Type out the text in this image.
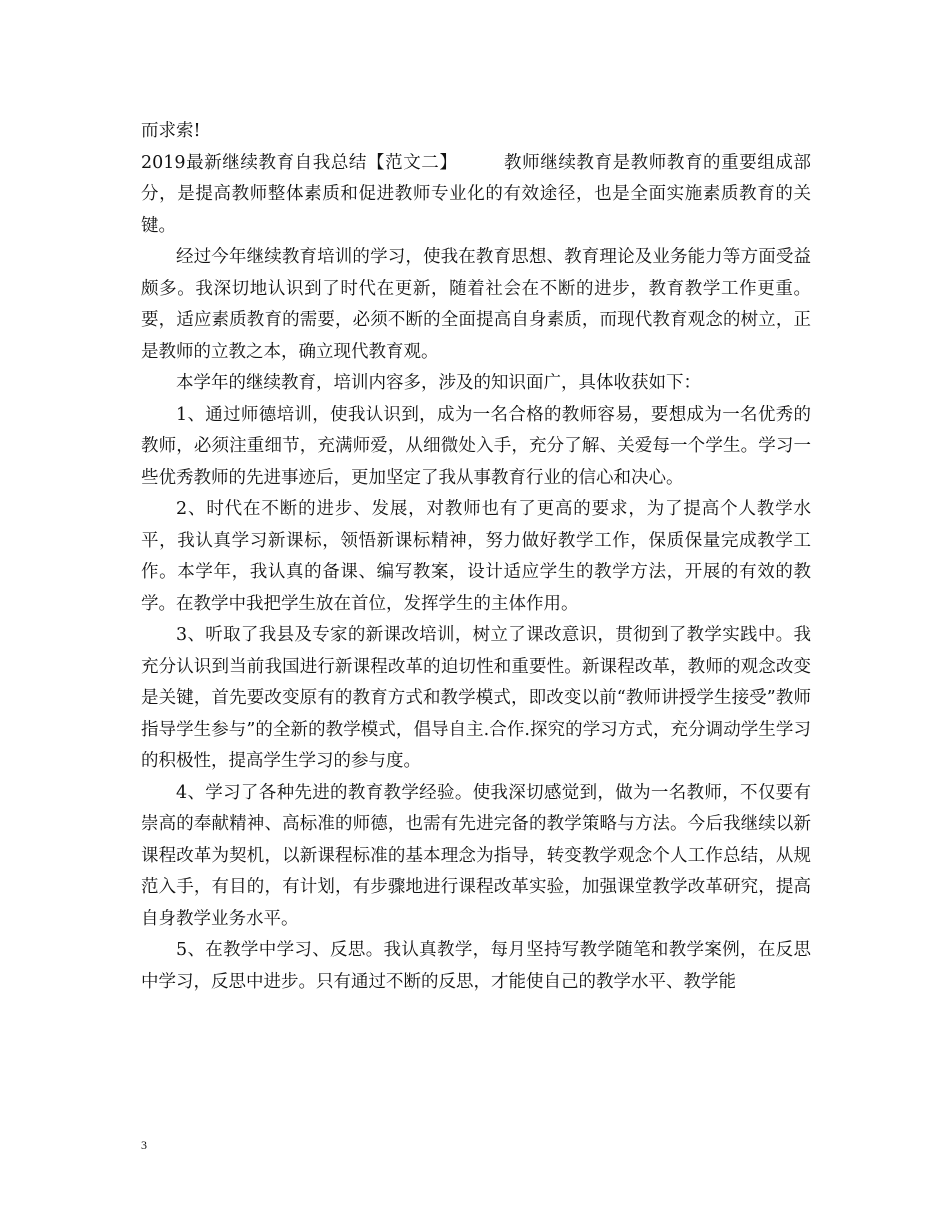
而求索!

2019最新继续教育自我总结【范文二】	教师继续教育是教师教育的重要组成部分，是提高教师整体素质和促进教师专业化的有效途径，也是全面实施素质教育的关键。

经过今年继续教育培训的学习，使我在教育思想、教育理论及业务能力等方面受益颇多。我深切地认识到了时代在更新，随着社会在不断的进步，教育教学工作更重。要，适应素质教育的需要，必须不断的全面提高自身素质，而现代教育观念的树立，正是教师的立教之本，确立现代教育观。

本学年的继续教育，培训内容多，涉及的知识面广，具体收获如下：

1、通过师德培训，使我认识到，成为一名合格的教师容易，要想成为一名优秀的教师，必须注重细节，充满师爱，从细微处入手，充分了解、关爱每一个学生。学习一些优秀教师的先进事迹后，更加坚定了我从事教育行业的信心和决心。

2、时代在不断的进步、发展，对教师也有了更高的要求，为了提高个人教学水平，我认真学习新课标，领悟新课标精神，努力做好教学工作，保质保量完成教学工作。本学年，我认真的备课、编写教案，设计适应学生的教学方法，开展的有效的教学。在教学中我把学生放在首位，发挥学生的主体作用。

3、听取了我县及专家的新课改培训，树立了课改意识，贯彻到了教学实践中。我充分认识到当前我国进行新课程改革的迫切性和重要性。新课程改革，教师的观念改变是关键，首先要改变原有的教育方式和教学模式，即改变以前“教师讲授学生接受”教师指导学生参与”的全新的教学模式，倡导自主.合作.探究的学习方式，充分调动学生学习的积极性，提高学生学习的参与度。

4、学习了各种先进的教育教学经验。使我深切感觉到，做为一名教师，不仅要有崇高的奉献精神、高标准的师德，也需有先进完备的教学策略与方法。今后我继续以新课程改革为契机，以新课程标准的基本理念为指导，转变教学观念个人工作总结，从规范入手，有目的，有计划，有步骤地进行课程改革实验，加强课堂教学改革研究，提高自身教学业务水平。

5、在教学中学习、反思。我认真教学，每月坚持写教学随笔和教学案例，在反思中学习，反思中进步。只有通过不断的反思，才能使自己的教学水平、教学能

3
